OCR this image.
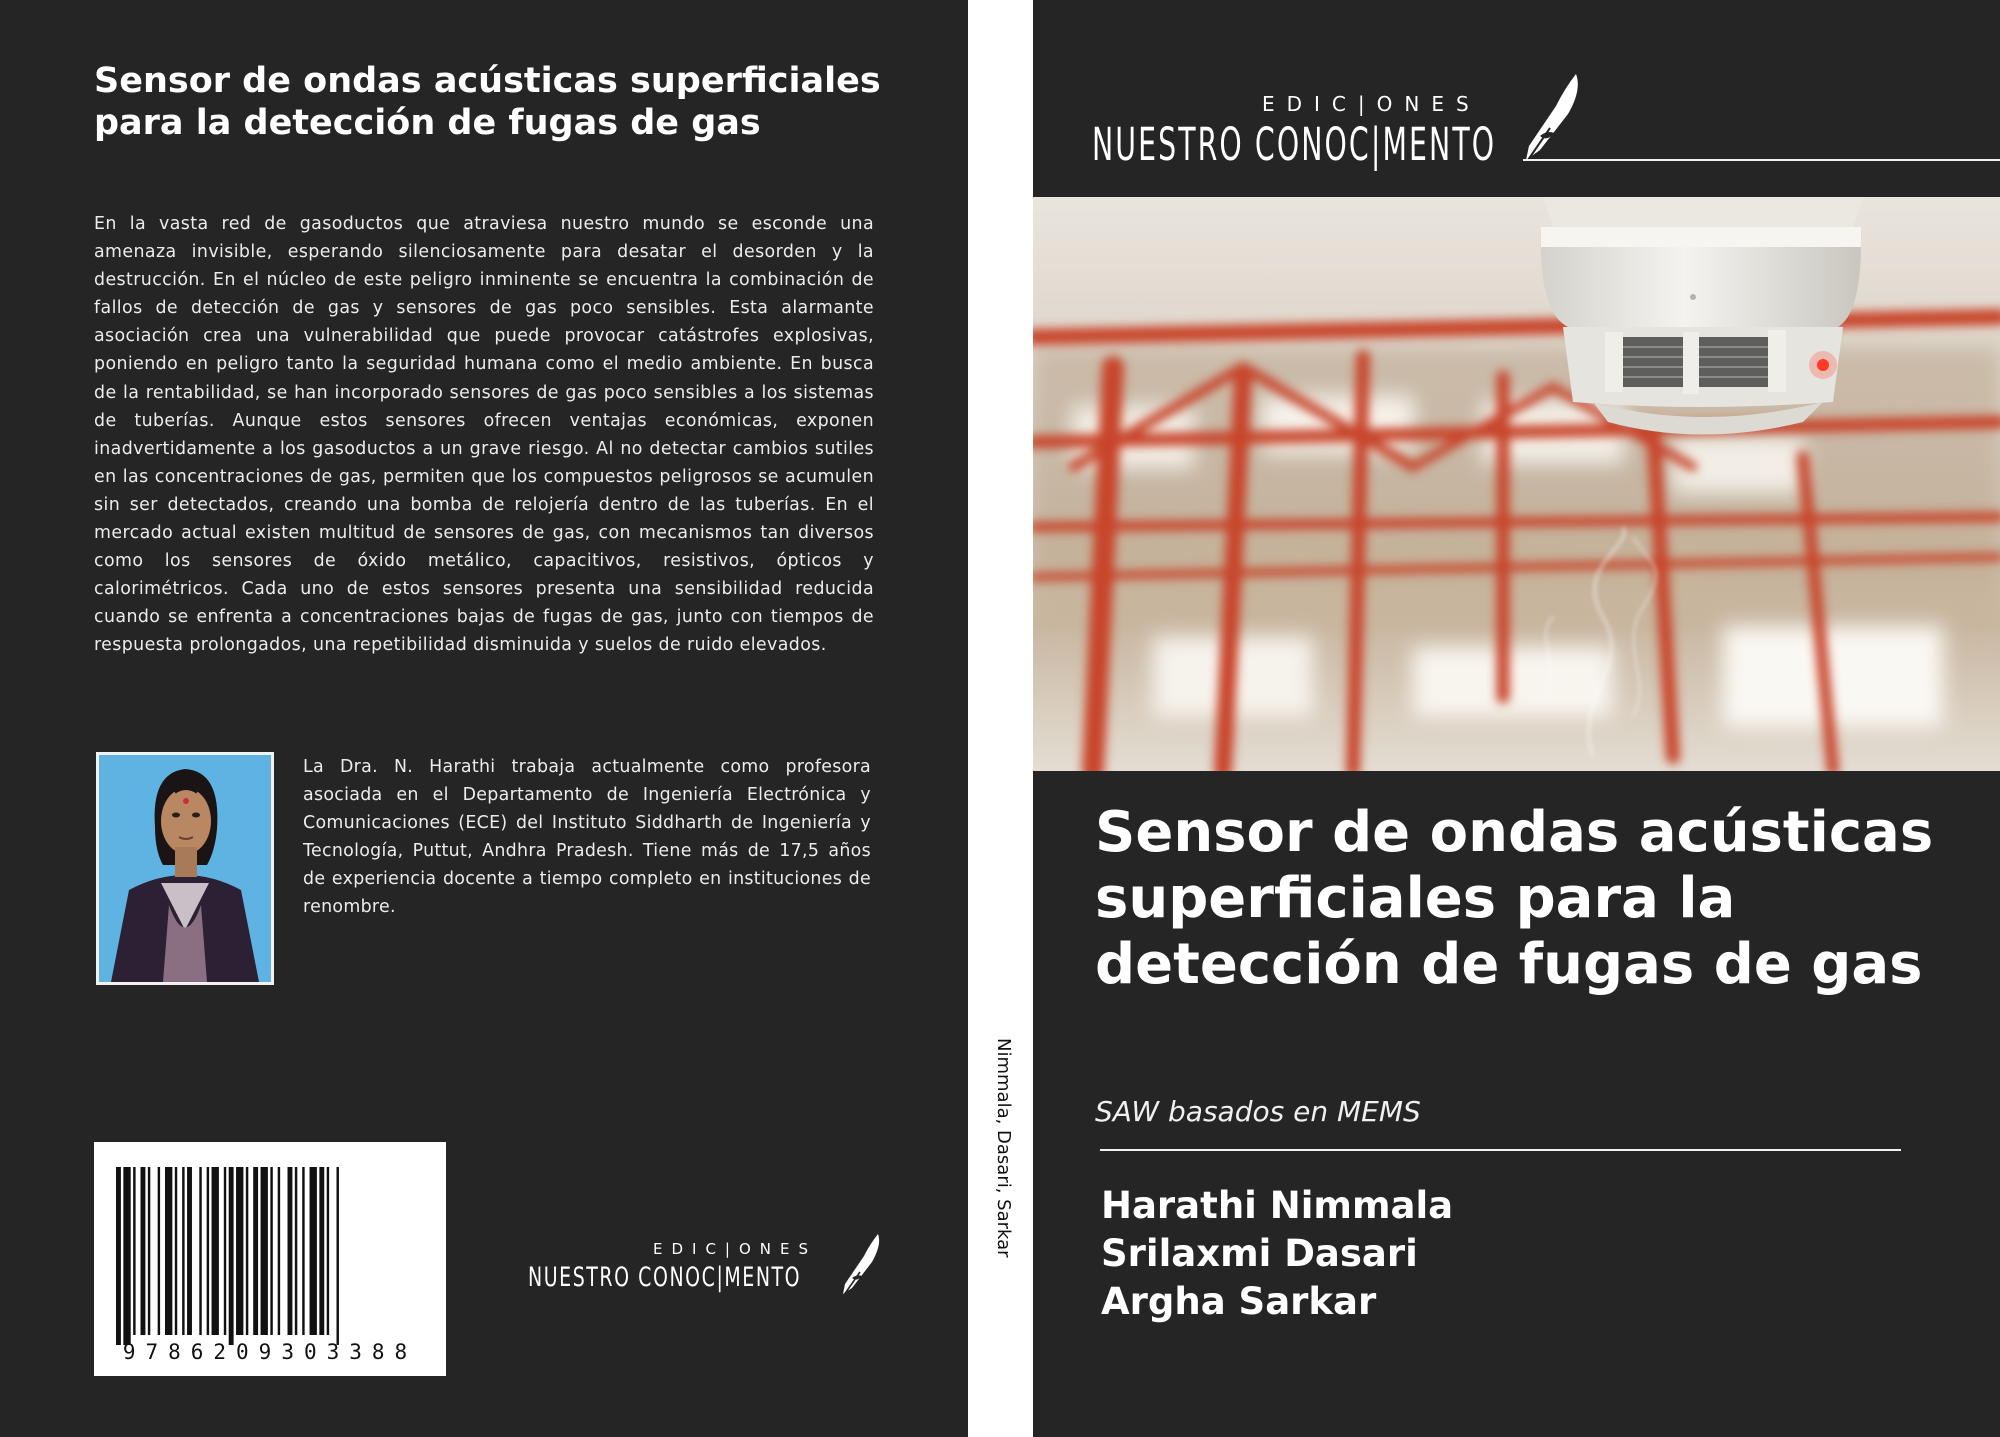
Sensor de ondas acústicas superficiales para la detección de fugas de gas

En la vasta red de gasoductos que atraviesa nuestro mundo se esconde una amenaza invisible, esperando silenciosamente para desatar el desorden y la destrucción. En el núcleo de este peligro inminente se encuentra la combinación de fallos de detección de gas y sensores de gas poco sensibles. Esta alarmante asociación crea una vulnerabilidad que puede provocar catástrofes explosivas, poniendo en peligro tanto la seguridad humana como el medio ambiente. En busca de la rentabilidad, se han incorporado sensores de gas poco sensibles a los sistemas de tuberías. Aunque estos sensores ofrecen ventajas económicas, exponen inadvertidamente a los gasoductos a un grave riesgo. Al no detectar cambios sutiles en las concentraciones de gas, permiten que los compuestos peligrosos se acumulen sin ser detectados, creando una bomba de relojería dentro de las tuberías. En el mercado actual existen multitud de sensores de gas, con mecanismos tan diversos como los sensores de óxido metálico, capacitivos, resistivos, ópticos y calorimétricos. Cada uno de estos sensores presenta una sensibilidad reducida cuando se enfrenta a concentraciones bajas de fugas de gas, junto con tiempos de respuesta prolongados, una repetibilidad disminuida y suelos de ruido elevados.

La Dra. N. Harathi trabaja actualmente como profesora asociada en el Departamento de Ingeniería Electrónica y Comunicaciones (ECE) del Instituto Siddharth de Ingeniería y Tecnología, Puttut, Andhra Pradesh. Tiene más de 17,5 años de experiencia docente a tiempo completo en instituciones de renombre.

9786209303388
EDIC|ONES
NUESTRO CONOC|MENTO
Nimmala, Dasari, Sarkar
EDIC|ONES
NUESTRO CONOC|MENTO
Sensor de ondas acústicas superficiales para la detección de fugas de gas

SAW basados en MEMS

Harathi Nimmala
Srilaxmi Dasari
Argha Sarkar
